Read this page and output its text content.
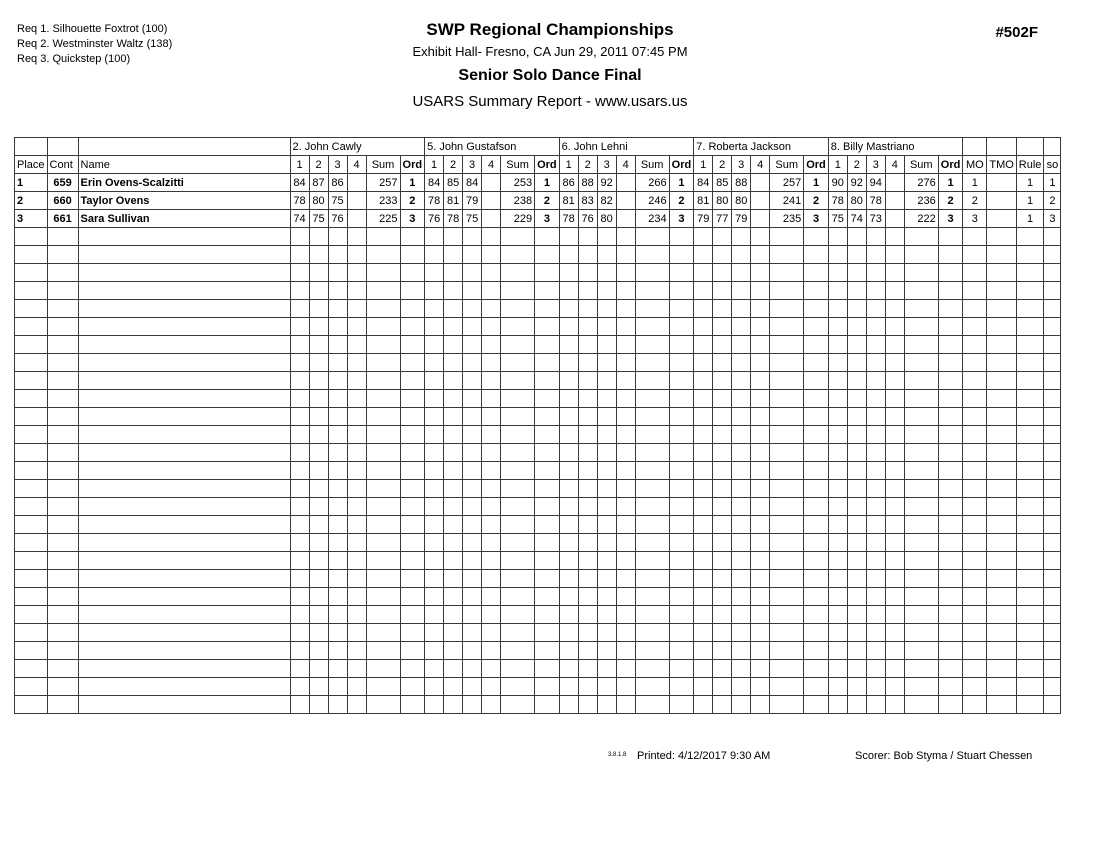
Req 1. Silhouette Foxtrot (100)
Req 2. Westminster Waltz (138)
Req 3. Quickstep (100)
SWP Regional Championships
Exhibit Hall- Fresno, CA Jun 29, 2011 07:45 PM
Senior Solo Dance Final
USARS Summary Report - www.usars.us
#502F
			2. John Cawly						5. John Gustafson						6. John Lehni						7. Roberta Jackson						8. Billy Mastriano									
Place	Cont	Name	1	2	3	4	Sum	Ord	1	2	3	4	Sum	Ord	1	2	3	4	Sum	Ord	1	2	3	4	Sum	Ord	1	2	3	4	Sum	Ord	MO	TMO	Rule	so
1	659	Erin Ovens-Scalzitti	84	87	86		257	1	84	85	84		253	1	86	88	92		266	1	84	85	88		257	1	90	92	94		276	1	1		1	1
2	660	Taylor Ovens	78	80	75		233	2	78	81	79		238	2	81	83	82		246	2	81	80	80		241	2	78	80	78		236	2	2		1	2
3	661	Sara Sullivan	74	75	76		225	3	76	78	75		229	3	78	76	80		234	3	79	77	79		235	3	75	74	73		222	3	3		1	3

3.8.1.8 Printed: 4/12/2017 9:30 AM	Scorer: Bob Styma / Stuart Chessen
